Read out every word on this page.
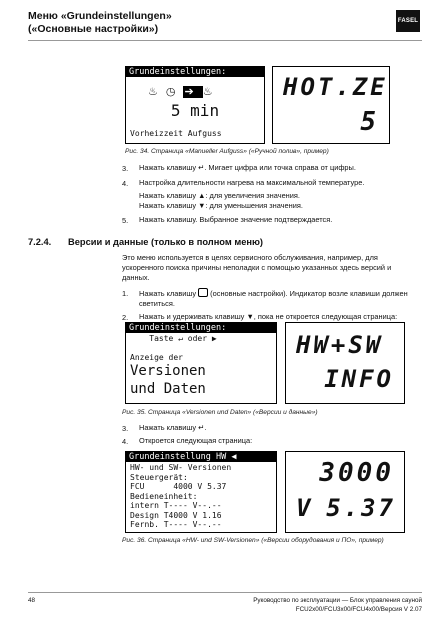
Меню «Grundeinstellungen»
(«Основные настройки»)
FASEL
Grundeinstellungen:
♨◷➔♨
5 min
Vorheizzeit Aufguss
HOT.ZE
5
Рис. 34. Страница «Manueller Aufguss» («Ручной полив», пример)
3. Нажать клавишу ↵. Мигает цифра или точка справа от цифры.
4. Настройка длительности нагрева на максимальной температуре.
Нажать клавишу ▲: для увеличения значения.
Нажать клавишу ▼: для уменьшения значения.
5. Нажать клавишу. Выбранное значение подтверждается.
7.2.4. Версии и данные (только в полном меню)
Это меню используется в целях сервисного обслуживания, например, для
ускоренного поиска причины неполадки с помощью указанных здесь версий и
данных.
1. Нажать клавишу (основные настройки). Индикатор возле клавиши должен
светиться.
2. Нажать и удерживать клавишу ▼, пока не откроется следующая страница:
Grundeinstellungen:
Taste ↵ oder ▶
Anzeige der
Versionen
und Daten
HW+SW
INFO
Рис. 35. Страница «Versionen und Daten» («Версии и данные»)
3. Нажать клавишу ↵.
4. Откроется следующая страница:
Grundeinstellung HW ◀
HW- und SW- Versionen
Steuergerät:
FCU      4000 V 5.37
Bedieneinheit:
intern T---- V--.--
Design T4000 V 1.16
Fernb. T---- V--.--
3000
V 5.37
Рис. 36. Страница «HW- und SW-Versionen» («Версии оборудования и ПО», пример)
48	Руководство по эксплуатации — Блок управления сауной
FCU2x00/FCU3x00/FCU4x00/Версия V 2.07
